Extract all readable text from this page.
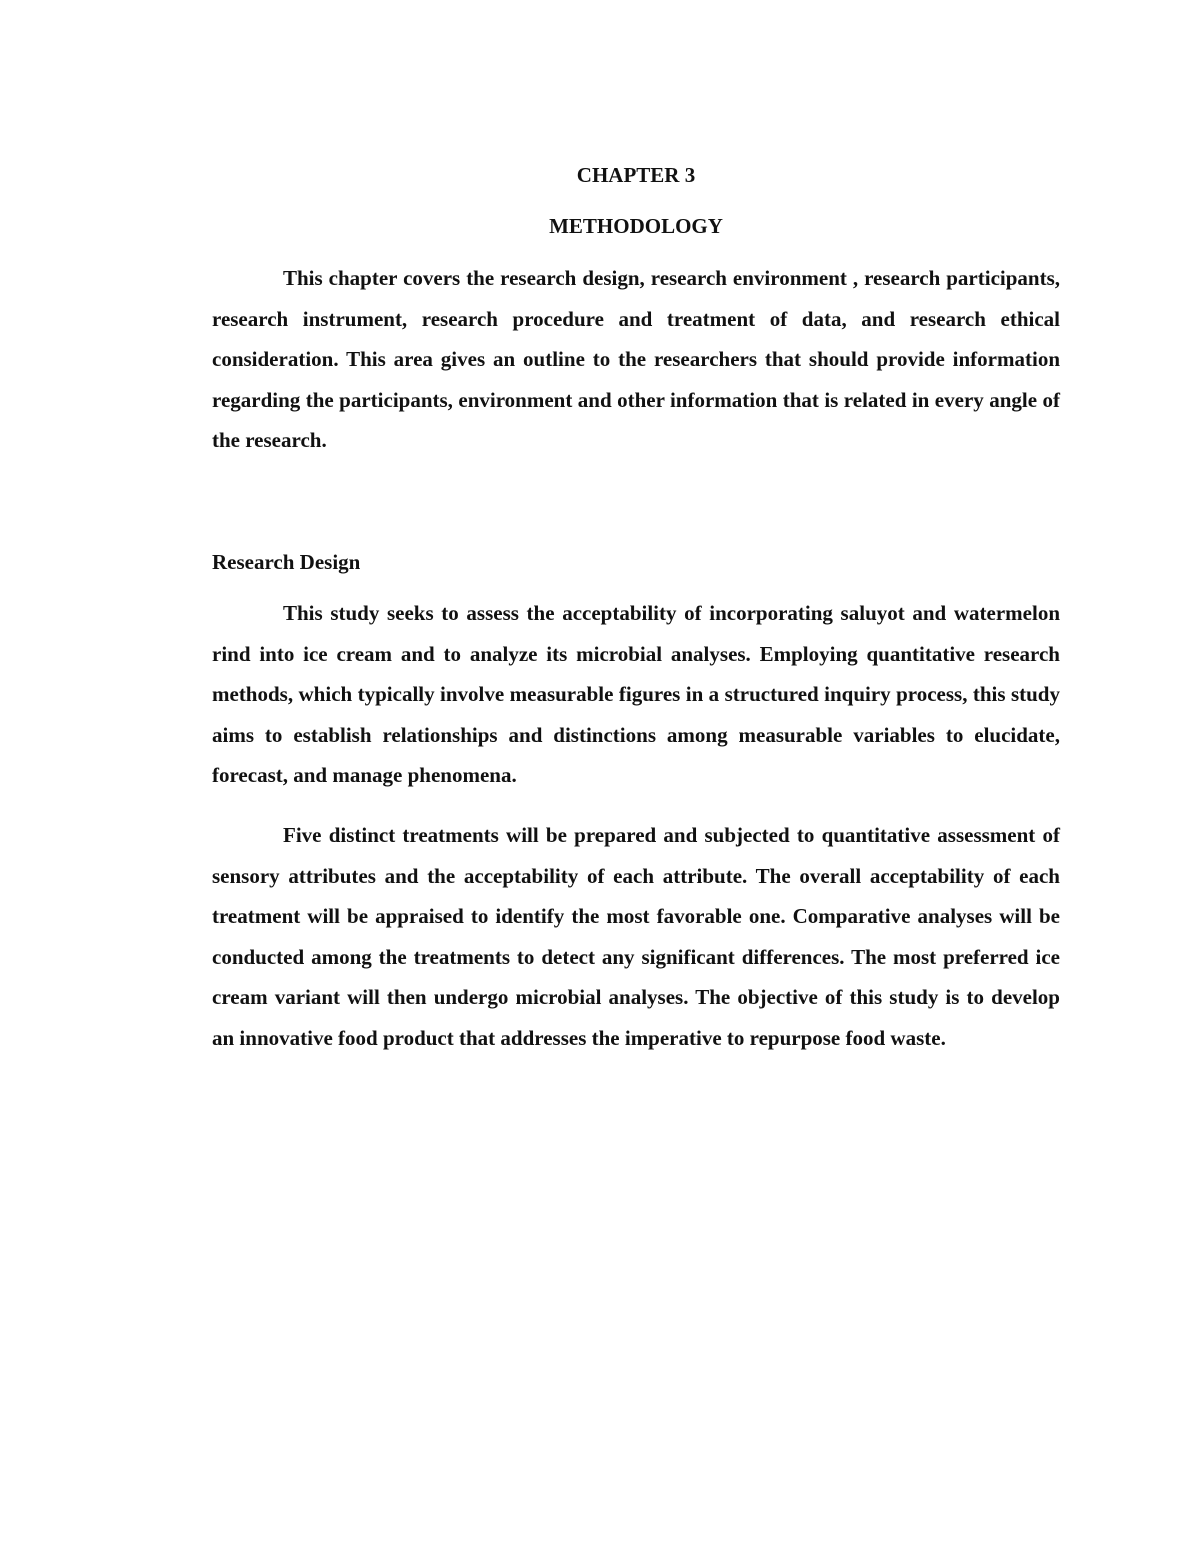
CHAPTER 3

METHODOLOGY

This chapter covers the research design, research environment , research participants, research instrument, research procedure and treatment of data, and research ethical consideration. This area gives an outline to the researchers that should provide information regarding the participants, environment and other information that is related in every angle of the research.

Research Design

This study seeks to assess the acceptability of incorporating saluyot and watermelon rind into ice cream and to analyze its microbial analyses. Employing quantitative research methods, which typically involve measurable figures in a structured inquiry process, this study aims to establish relationships and distinctions among measurable variables to elucidate, forecast, and manage phenomena.

Five distinct treatments will be prepared and subjected to quantitative assessment of sensory attributes and the acceptability of each attribute. The overall acceptability of each treatment will be appraised to identify the most favorable one. Comparative analyses will be conducted among the treatments to detect any significant differences. The most preferred ice cream variant will then undergo microbial analyses. The objective of this study is to develop an innovative food product that addresses the imperative to repurpose food waste.
